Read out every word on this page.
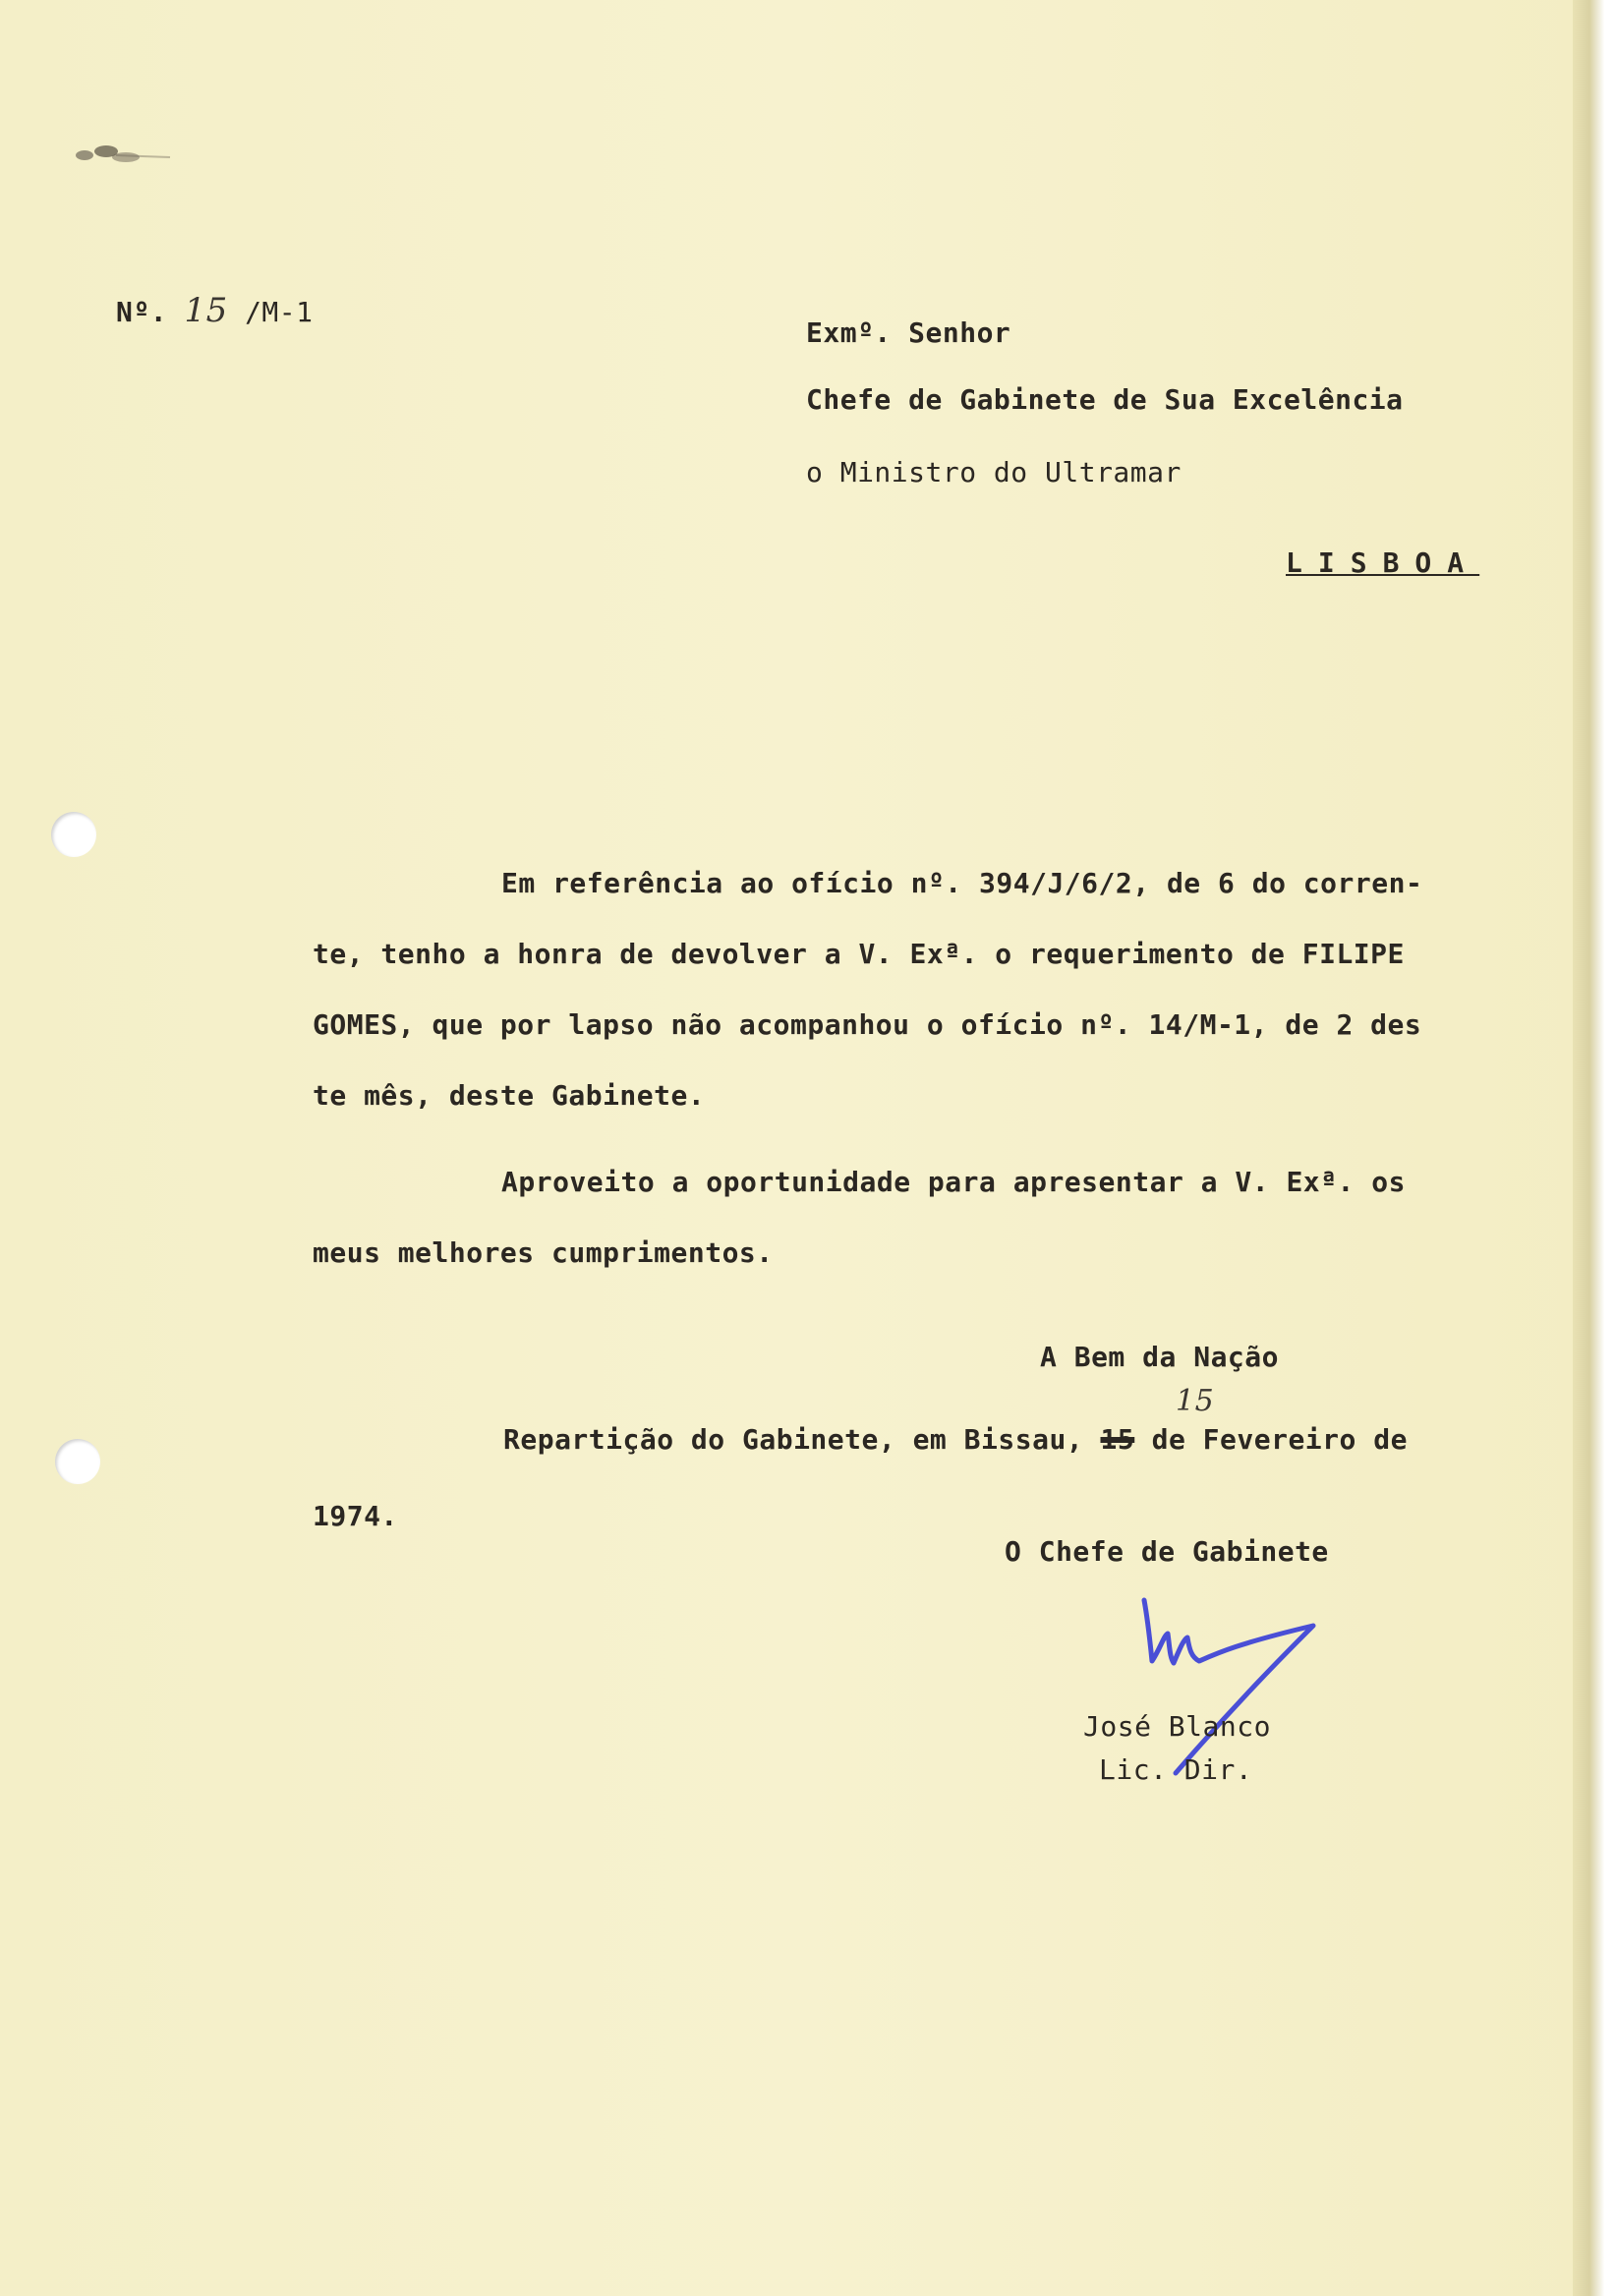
Nº. 15 /M-1
Exmº. Senhor
Chefe de Gabinete de Sua Excelência
o Ministro do Ultramar
LISBOA
Em referência ao ofício nº. 394/J/6/2, de 6 do corren-
te, tenho a honra de devolver a V. Exª. o requerimento de FILIPE
GOMES, que por lapso não acompanhou o ofício nº. 14/M-1, de 2 des
te mês, deste Gabinete.
Aproveito a oportunidade para apresentar a V. Exª. os
meus melhores cumprimentos.
A Bem da Nação
15
Repartição do Gabinete, em Bissau, 15 de Fevereiro de
1974.
O Chefe de Gabinete
José Blanco
Lic. Dir.
